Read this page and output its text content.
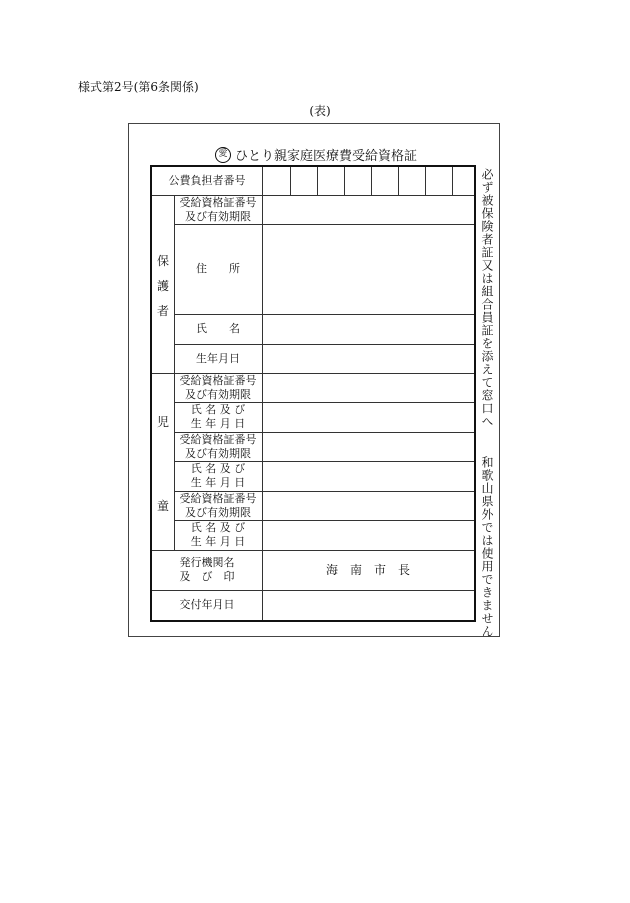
様式第2号(第6条関係)
(表)
愛 ひとり親家庭医療費受給資格証
公費負担者番号
受給資格証番号
及び有効期限
住　　所
氏　　名
生年月日
保
護
者
受給資格証番号
及び有効期限
氏 名 及 び
生 年 月 日
受給資格証番号
及び有効期限
氏 名 及 び
生 年 月 日
受給資格証番号
及び有効期限
氏 名 及 び
生 年 月 日
児
童
発行機関名
及　び　印	海　南　市　長
交付年月日
必ず被保険者証又は組合員証を添えて窓口へ
和歌山県外では使用できません
